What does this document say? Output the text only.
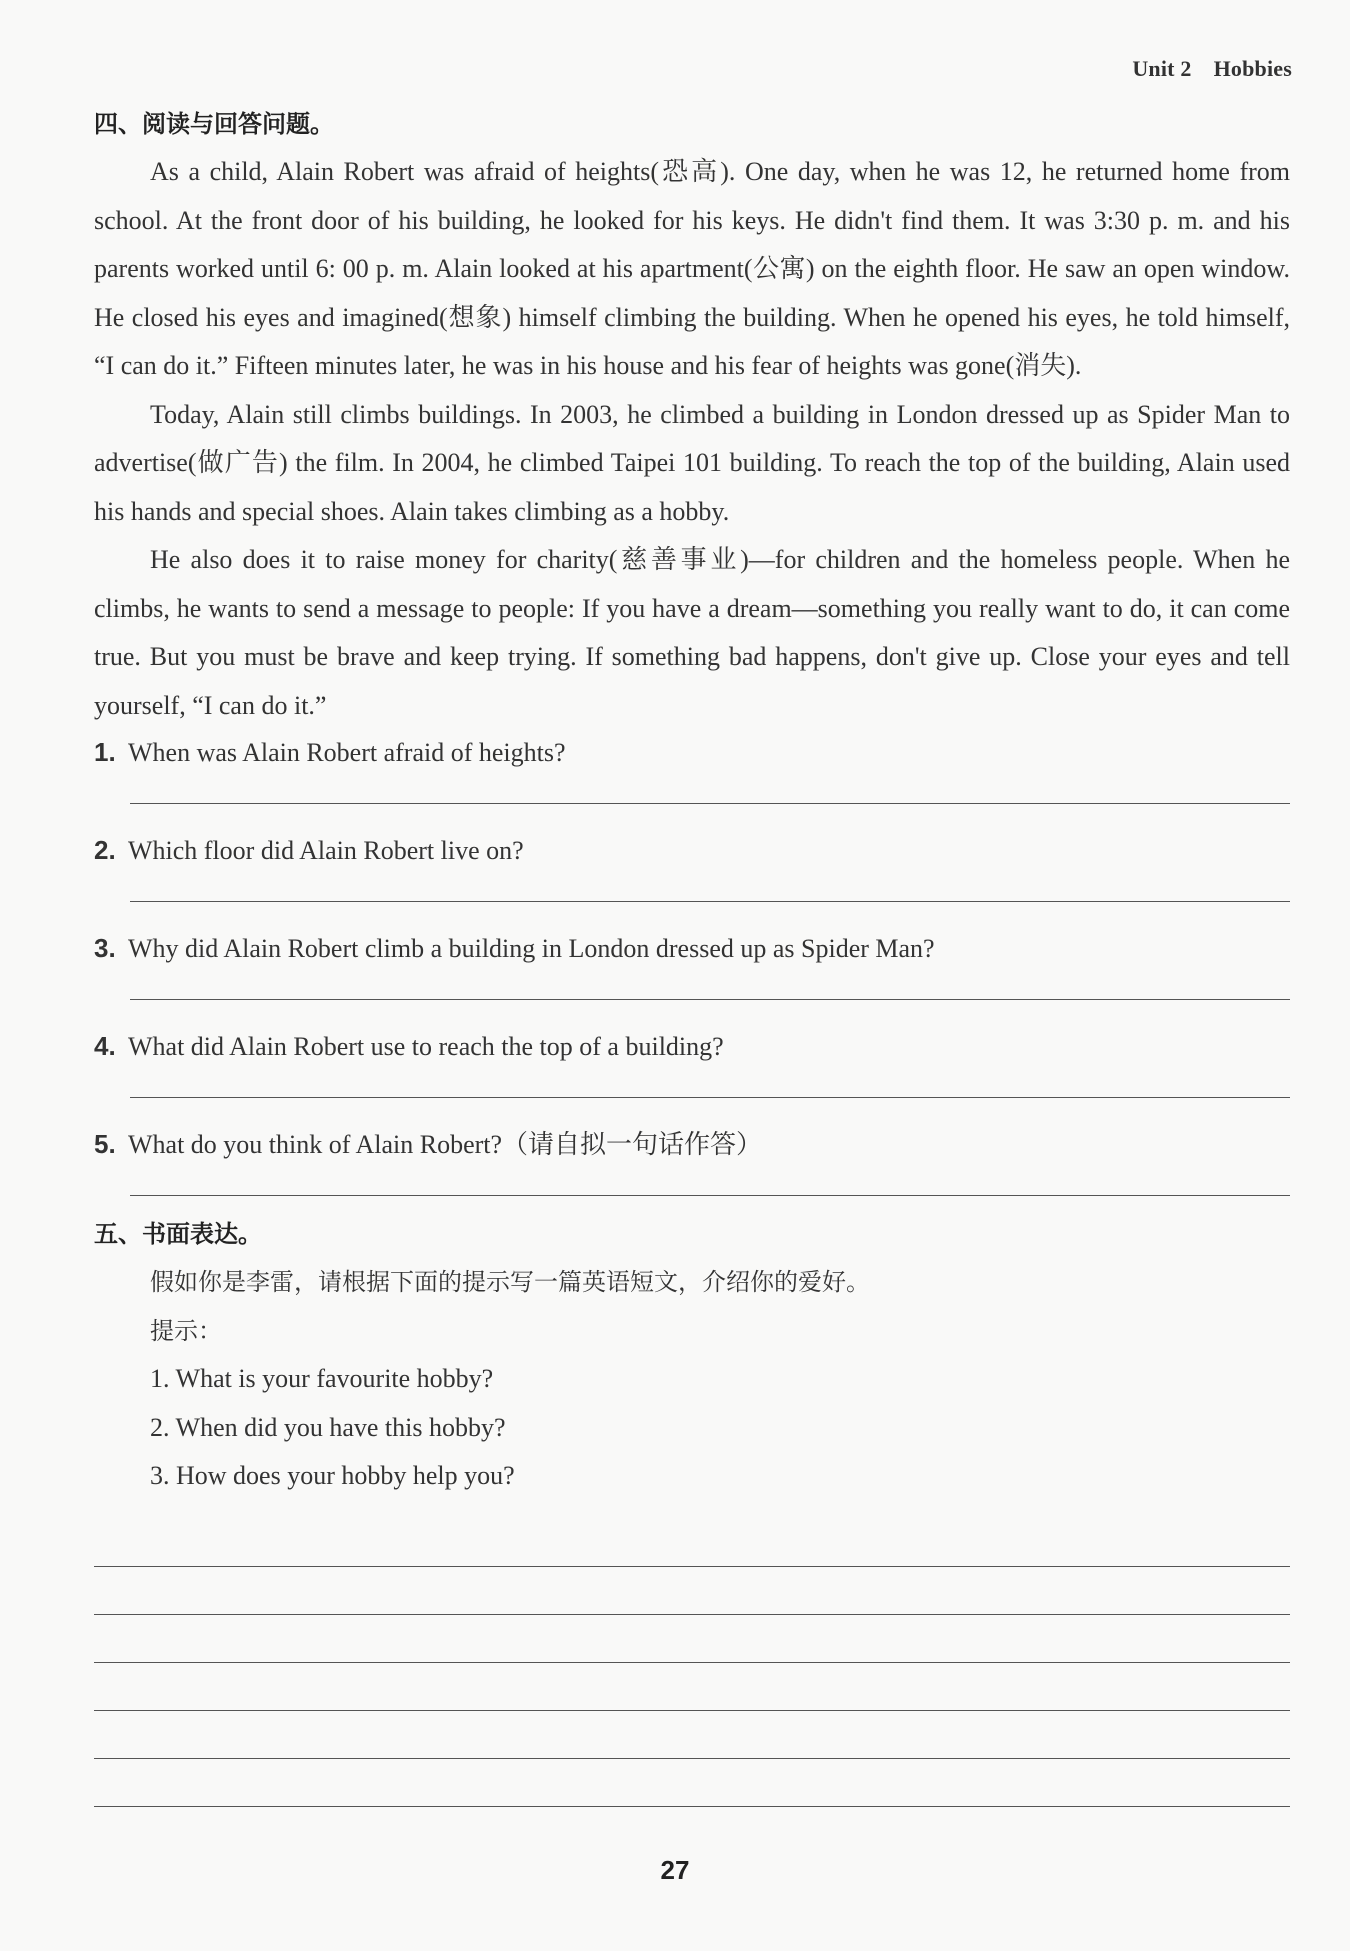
Unit 2 Hobbies
四、阅读与回答问题。

As a child, Alain Robert was afraid of heights(恐高). One day, when he was 12, he returned home from school. At the front door of his building, he looked for his keys. He didn't find them. It was 3:30 p. m. and his parents worked until 6: 00 p. m. Alain looked at his apartment(公寓) on the eighth floor. He saw an open window. He closed his eyes and imagined(想象) himself climbing the building. When he opened his eyes, he told himself, “I can do it.” Fifteen minutes later, he was in his house and his fear of heights was gone(消失).

Today, Alain still climbs buildings. In 2003, he climbed a building in London dressed up as Spider Man to advertise(做广告) the film. In 2004, he climbed Taipei 101 building. To reach the top of the building, Alain used his hands and special shoes. Alain takes climbing as a hobby.

He also does it to raise money for charity(慈善事业)—for children and the homeless people. When he climbs, he wants to send a message to people: If you have a dream—something you really want to do, it can come true. But you must be brave and keep trying. If something bad happens, don't give up. Close your eyes and tell yourself, “I can do it.”

1. When was Alain Robert afraid of heights?
2. Which floor did Alain Robert live on?
3. Why did Alain Robert climb a building in London dressed up as Spider Man?
4. What did Alain Robert use to reach the top of a building?
5. What do you think of Alain Robert?（请自拟一句话作答）
五、书面表达。
假如你是李雷，请根据下面的提示写一篇英语短文，介绍你的爱好。
提示：
1. What is your favourite hobby?
2. When did you have this hobby?
3. How does your hobby help you?
27
